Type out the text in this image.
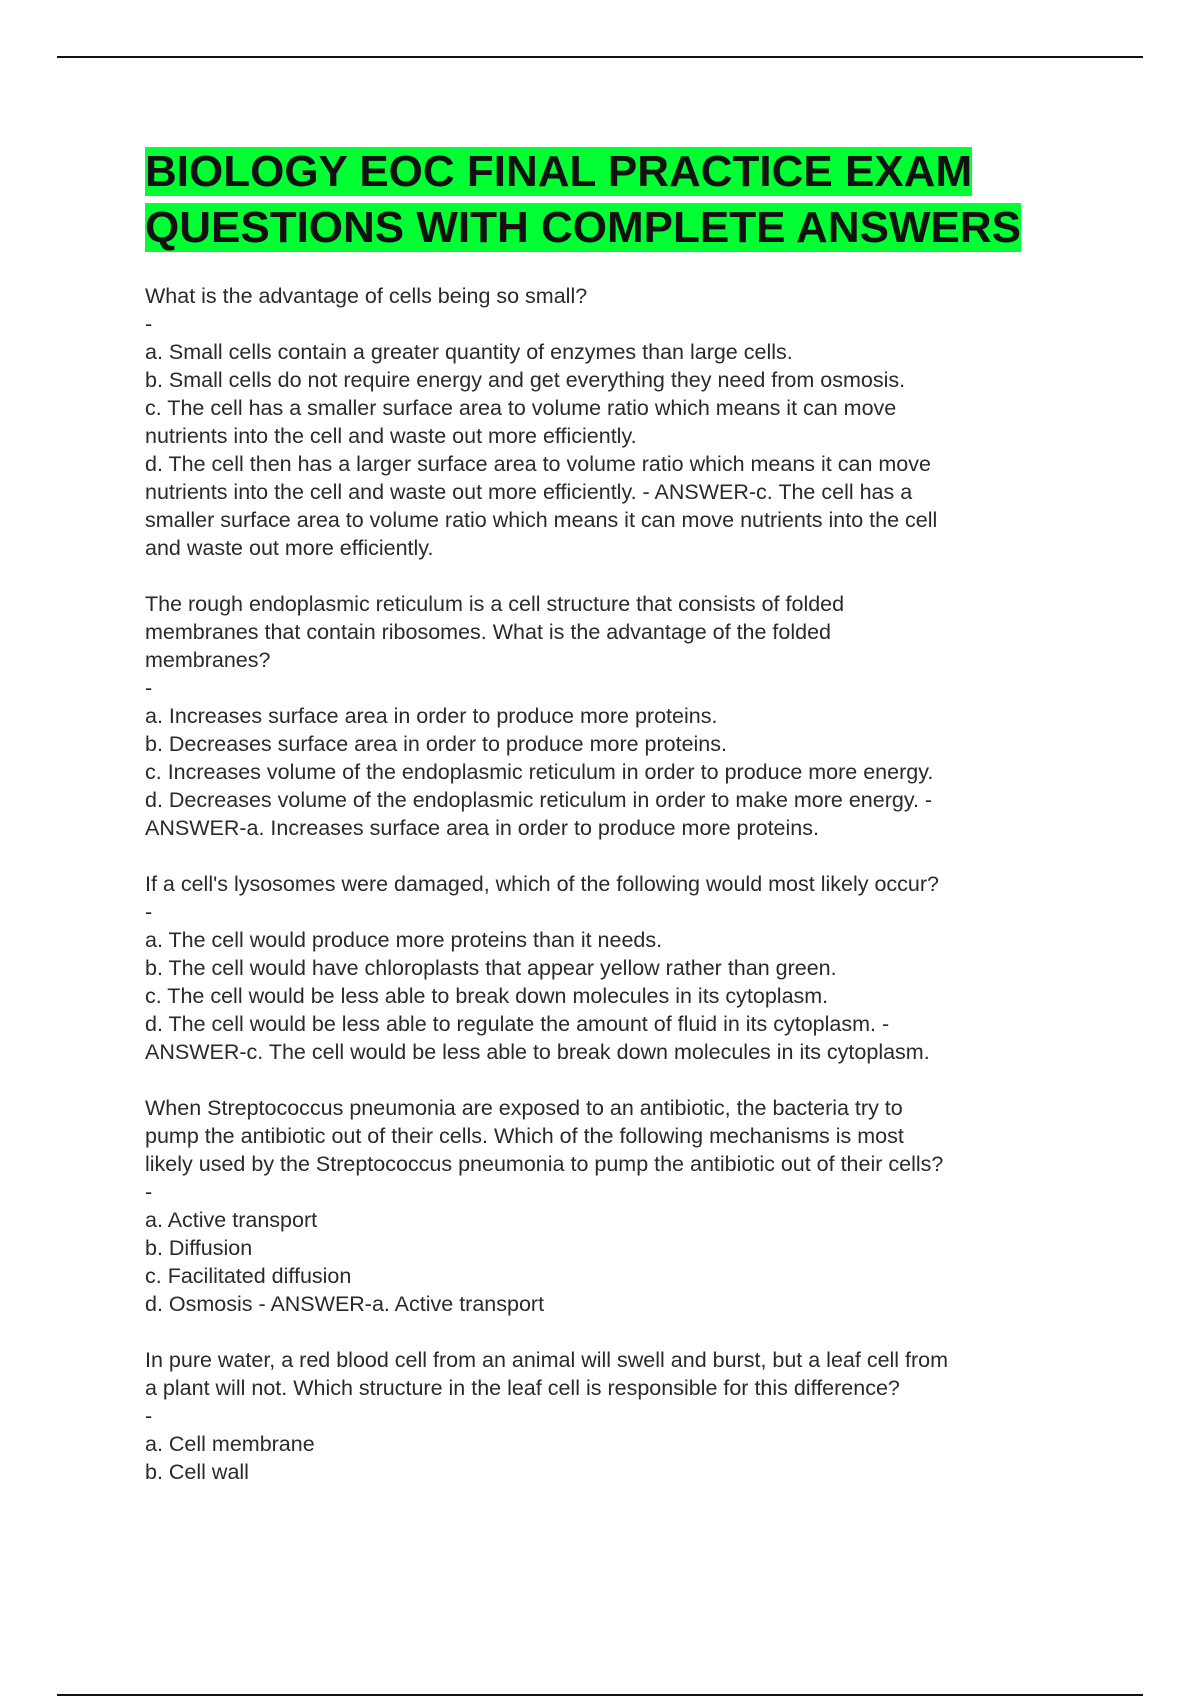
BIOLOGY EOC FINAL PRACTICE EXAM QUESTIONS WITH COMPLETE ANSWERS

What is the advantage of cells being so small?
-
a. Small cells contain a greater quantity of enzymes than large cells.
b. Small cells do not require energy and get everything they need from osmosis.
c. The cell has a smaller surface area to volume ratio which means it can move
nutrients into the cell and waste out more efficiently.
d. The cell then has a larger surface area to volume ratio which means it can move
nutrients into the cell and waste out more efficiently. - ANSWER-c. The cell has a
smaller surface area to volume ratio which means it can move nutrients into the cell
and waste out more efficiently.

The rough endoplasmic reticulum is a cell structure that consists of folded
membranes that contain ribosomes. What is the advantage of the folded
membranes?
-
a. Increases surface area in order to produce more proteins.
b. Decreases surface area in order to produce more proteins.
c. Increases volume of the endoplasmic reticulum in order to produce more energy.
d. Decreases volume of the endoplasmic reticulum in order to make more energy. -
ANSWER-a. Increases surface area in order to produce more proteins.

If a cell's lysosomes were damaged, which of the following would most likely occur?
-
a. The cell would produce more proteins than it needs.
b. The cell would have chloroplasts that appear yellow rather than green.
c. The cell would be less able to break down molecules in its cytoplasm.
d. The cell would be less able to regulate the amount of fluid in its cytoplasm. -
ANSWER-c. The cell would be less able to break down molecules in its cytoplasm.

When Streptococcus pneumonia are exposed to an antibiotic, the bacteria try to
pump the antibiotic out of their cells. Which of the following mechanisms is most
likely used by the Streptococcus pneumonia to pump the antibiotic out of their cells?
-
a. Active transport
b. Diffusion
c. Facilitated diffusion
d. Osmosis - ANSWER-a. Active transport

In pure water, a red blood cell from an animal will swell and burst, but a leaf cell from
a plant will not. Which structure in the leaf cell is responsible for this difference?
-
a. Cell membrane
b. Cell wall
